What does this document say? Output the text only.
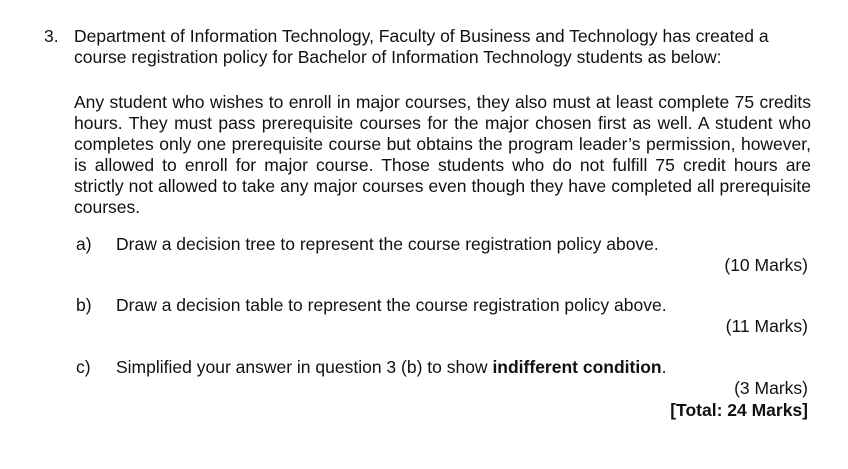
3. Department of Information Technology, Faculty of Business and Technology has created a course registration policy for Bachelor of Information Technology students as below:
Any student who wishes to enroll in major courses, they also must at least complete 75 credits hours. They must pass prerequisite courses for the major chosen first as well. A student who completes only one prerequisite course but obtains the program leader’s permission, however, is allowed to enroll for major course. Those students who do not fulfill 75 credit hours are strictly not allowed to take any major courses even though they have completed all prerequisite courses.
a) Draw a decision tree to represent the course registration policy above.
(10 Marks)
b) Draw a decision table to represent the course registration policy above.
(11 Marks)
c) Simplified your answer in question 3 (b) to show indifferent condition.
(3 Marks)
[Total: 24 Marks]
